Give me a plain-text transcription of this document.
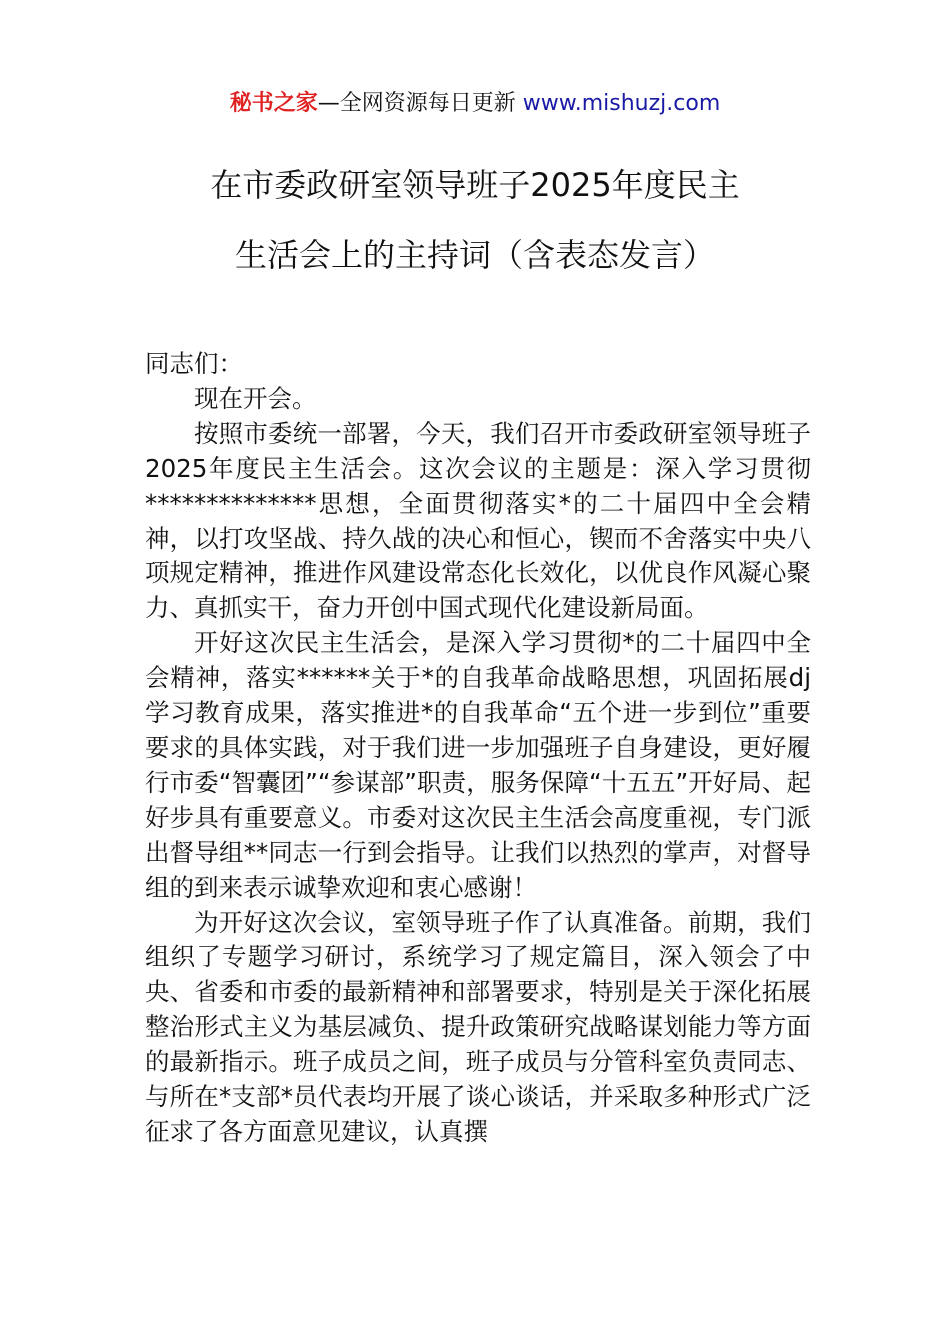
秘书之家—全网资源每日更新 www.mishuzj.com
在市委政研室领导班子2025年度民主
生活会上的主持词（含表态发言）

同志们：

现在开会。

按照市委统一部署，今天，我们召开市委政研室领导班子2025年度民主生活会。这次会议的主题是：深入学习贯彻**************思想，全面贯彻落实*的二十届四中全会精神，以打攻坚战、持久战的决心和恒心，锲而不舍落实中央八项规定精神，推进作风建设常态化长效化，以优良作风凝心聚力、真抓实干，奋力开创中国式现代化建设新局面。

开好这次民主生活会，是深入学习贯彻*的二十届四中全会精神，落实******关于*的自我革命战略思想，巩固拓展dj学习教育成果，落实推进*的自我革命“五个进一步到位”重要要求的具体实践，对于我们进一步加强班子自身建设，更好履行市委“智囊团”“参谋部”职责，服务保障“十五五”开好局、起好步具有重要意义。市委对这次民主生活会高度重视，专门派出督导组**同志一行到会指导。让我们以热烈的掌声，对督导组的到来表示诚挚欢迎和衷心感谢！

为开好这次会议，室领导班子作了认真准备。前期，我们组织了专题学习研讨，系统学习了规定篇目，深入领会了中央、省委和市委的最新精神和部署要求，特别是关于深化拓展整治形式主义为基层减负、提升政策研究战略谋划能力等方面的最新指示。班子成员之间，班子成员与分管科室负责同志、与所在*支部*员代表均开展了谈心谈话，并采取多种形式广泛征求了各方面意见建议，认真撰
